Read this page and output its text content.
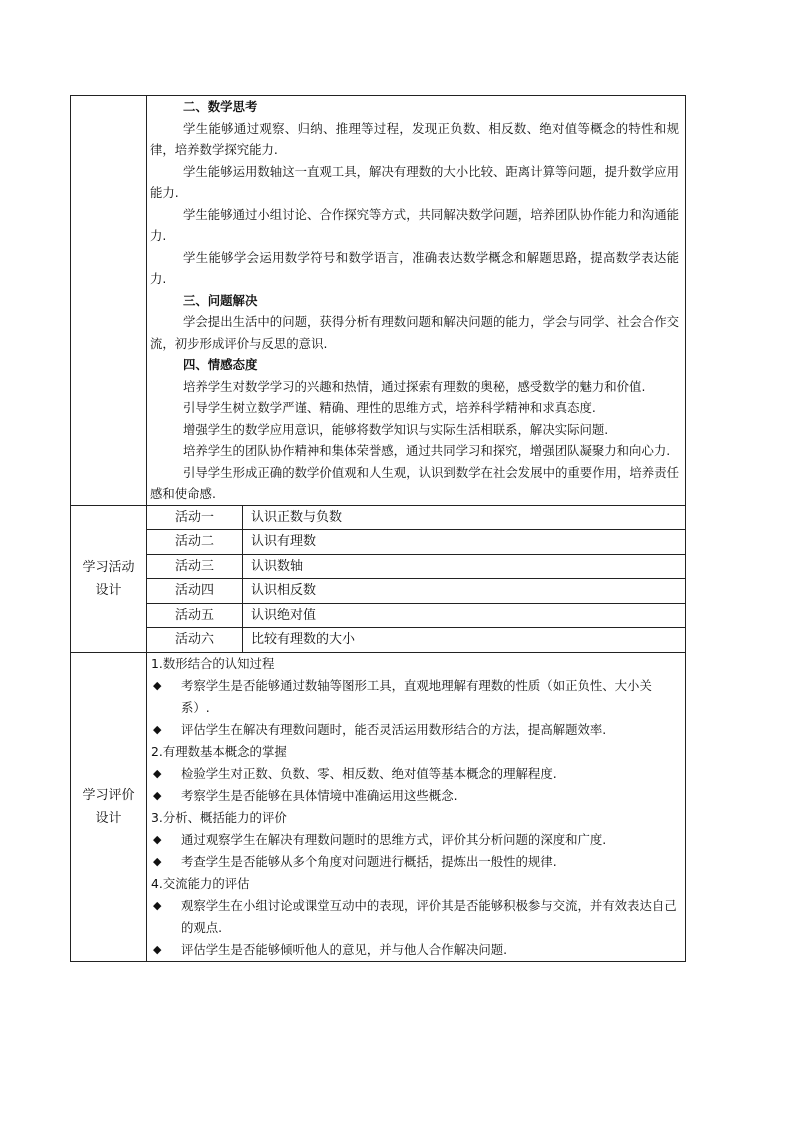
二、数学思考

学生能够通过观察、归纳、推理等过程，发现正负数、相反数、绝对值等概念的特性和规律，培养数学探究能力.

学生能够运用数轴这一直观工具，解决有理数的大小比较、距离计算等问题，提升数学应用能力.

学生能够通过小组讨论、合作探究等方式，共同解决数学问题，培养团队协作能力和沟通能力.

学生能够学会运用数学符号和数学语言，准确表达数学概念和解题思路，提高数学表达能力.

三、问题解决

学会提出生活中的问题，获得分析有理数问题和解决问题的能力，学会与同学、社会合作交流，初步形成评价与反思的意识.

四、情感态度

培养学生对数学学习的兴趣和热情，通过探索有理数的奥秘，感受数学的魅力和价值.

引导学生树立数学严谨、精确、理性的思维方式，培养科学精神和求真态度.

增强学生的数学应用意识，能够将数学知识与实际生活相联系，解决实际问题.

培养学生的团队协作精神和集体荣誉感，通过共同学习和探究，增强团队凝聚力和向心力.

引导学生形成正确的数学价值观和人生观，认识到数学在社会发展中的重要作用，培养责任感和使命感.

学习活动
设计

活动一	认识正数与负数
活动二	认识有理数
活动三	认识数轴
活动四	认识相反数
活动五	认识绝对值
活动六	比较有理数的大小

学习评价
设计

1.数形结合的认知过程

◆ 考察学生是否能够通过数轴等图形工具，直观地理解有理数的性质（如正负性、大小关系）.

◆ 评估学生在解决有理数问题时，能否灵活运用数形结合的方法，提高解题效率.

2.有理数基本概念的掌握

◆ 检验学生对正数、负数、零、相反数、绝对值等基本概念的理解程度.

◆ 考察学生是否能够在具体情境中准确运用这些概念.

3.分析、概括能力的评价

◆ 通过观察学生在解决有理数问题时的思维方式，评价其分析问题的深度和广度.

◆ 考查学生是否能够从多个角度对问题进行概括，提炼出一般性的规律.

4.交流能力的评估

◆ 观察学生在小组讨论或课堂互动中的表现，评价其是否能够积极参与交流，并有效表达自己的观点.

◆ 评估学生是否能够倾听他人的意见，并与他人合作解决问题.
